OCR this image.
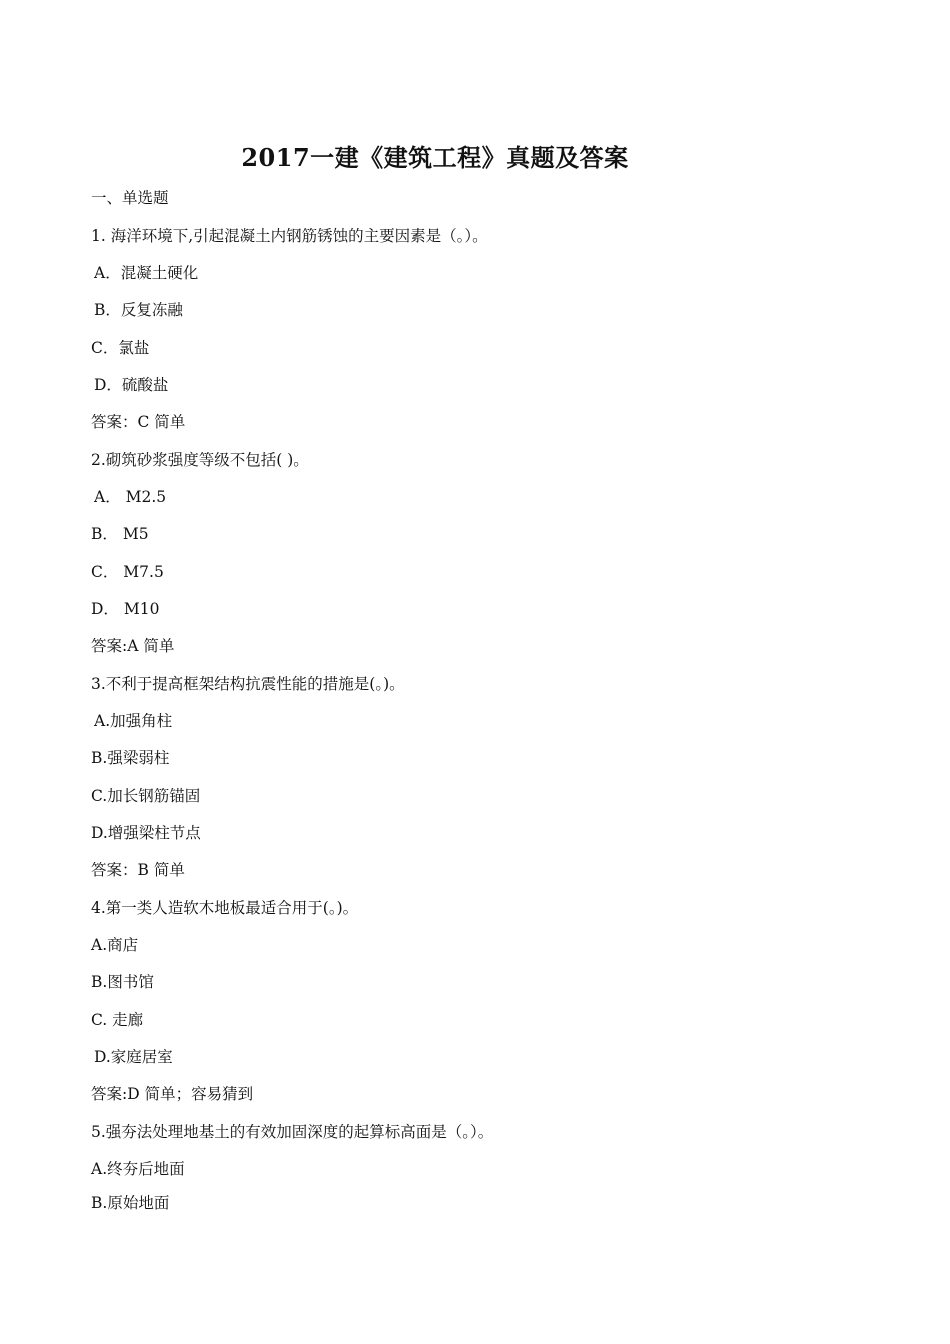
2017一建《建筑工程》真题及答案
一、单选题
1. 海洋环境下,引起混凝土内钢筋锈蚀的主要因素是（。）。
A．混凝土硬化
B．反复冻融
C．氯盐
D．硫酸盐
答案：C 简单
2.砌筑砂浆强度等级不包括( )。
A． M2.5
B． M5
C． M7.5
D． M10
答案:A 简单
3.不利于提高框架结构抗震性能的措施是(。)。
A.加强角柱
B.强梁弱柱
C.加长钢筋锚固
D.增强梁柱节点
答案：B 简单
4.第一类人造软木地板最适合用于(。)。
A.商店
B.图书馆
C. 走廊
D.家庭居室
答案:D 简单；容易猜到
5.强夯法处理地基土的有效加固深度的起算标高面是（。）。
A.终夯后地面
B.原始地面
